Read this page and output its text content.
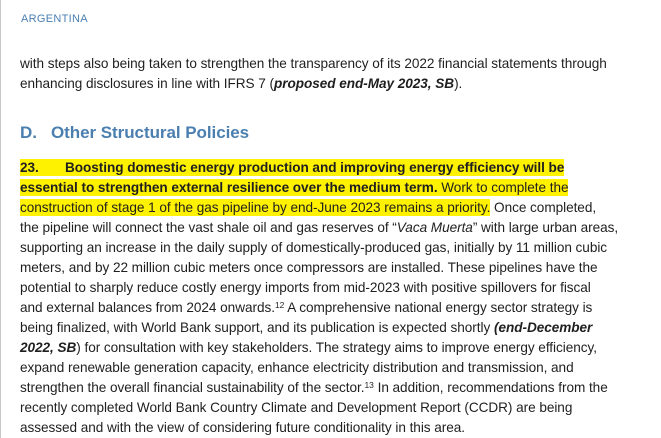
ARGENTINA

with steps also being taken to strengthen the transparency of its 2022 financial statements through
enhancing disclosures in line with IFRS 7 (proposed end-May 2023, SB).

D. Other Structural Policies

23. Boosting domestic energy production and improving energy efficiency will be
essential to strengthen external resilience over the medium term. Work to complete the
construction of stage 1 of the gas pipeline by end-June 2023 remains a priority. Once completed,
the pipeline will connect the vast shale oil and gas reserves of “Vaca Muerta” with large urban areas,
supporting an increase in the daily supply of domestically-produced gas, initially by 11 million cubic
meters, and by 22 million cubic meters once compressors are installed. These pipelines have the
potential to sharply reduce costly energy imports from mid-2023 with positive spillovers for fiscal
and external balances from 2024 onwards.$^{12}$ A comprehensive national energy sector strategy is
being finalized, with World Bank support, and its publication is expected shortly (end-December
2022, SB) for consultation with key stakeholders. The strategy aims to improve energy efficiency,
expand renewable generation capacity, enhance electricity distribution and transmission, and
strengthen the overall financial sustainability of the sector.$^{13}$ In addition, recommendations from the
recently completed World Bank Country Climate and Development Report (CCDR) are being
assessed and with the view of considering future conditionality in this area.
